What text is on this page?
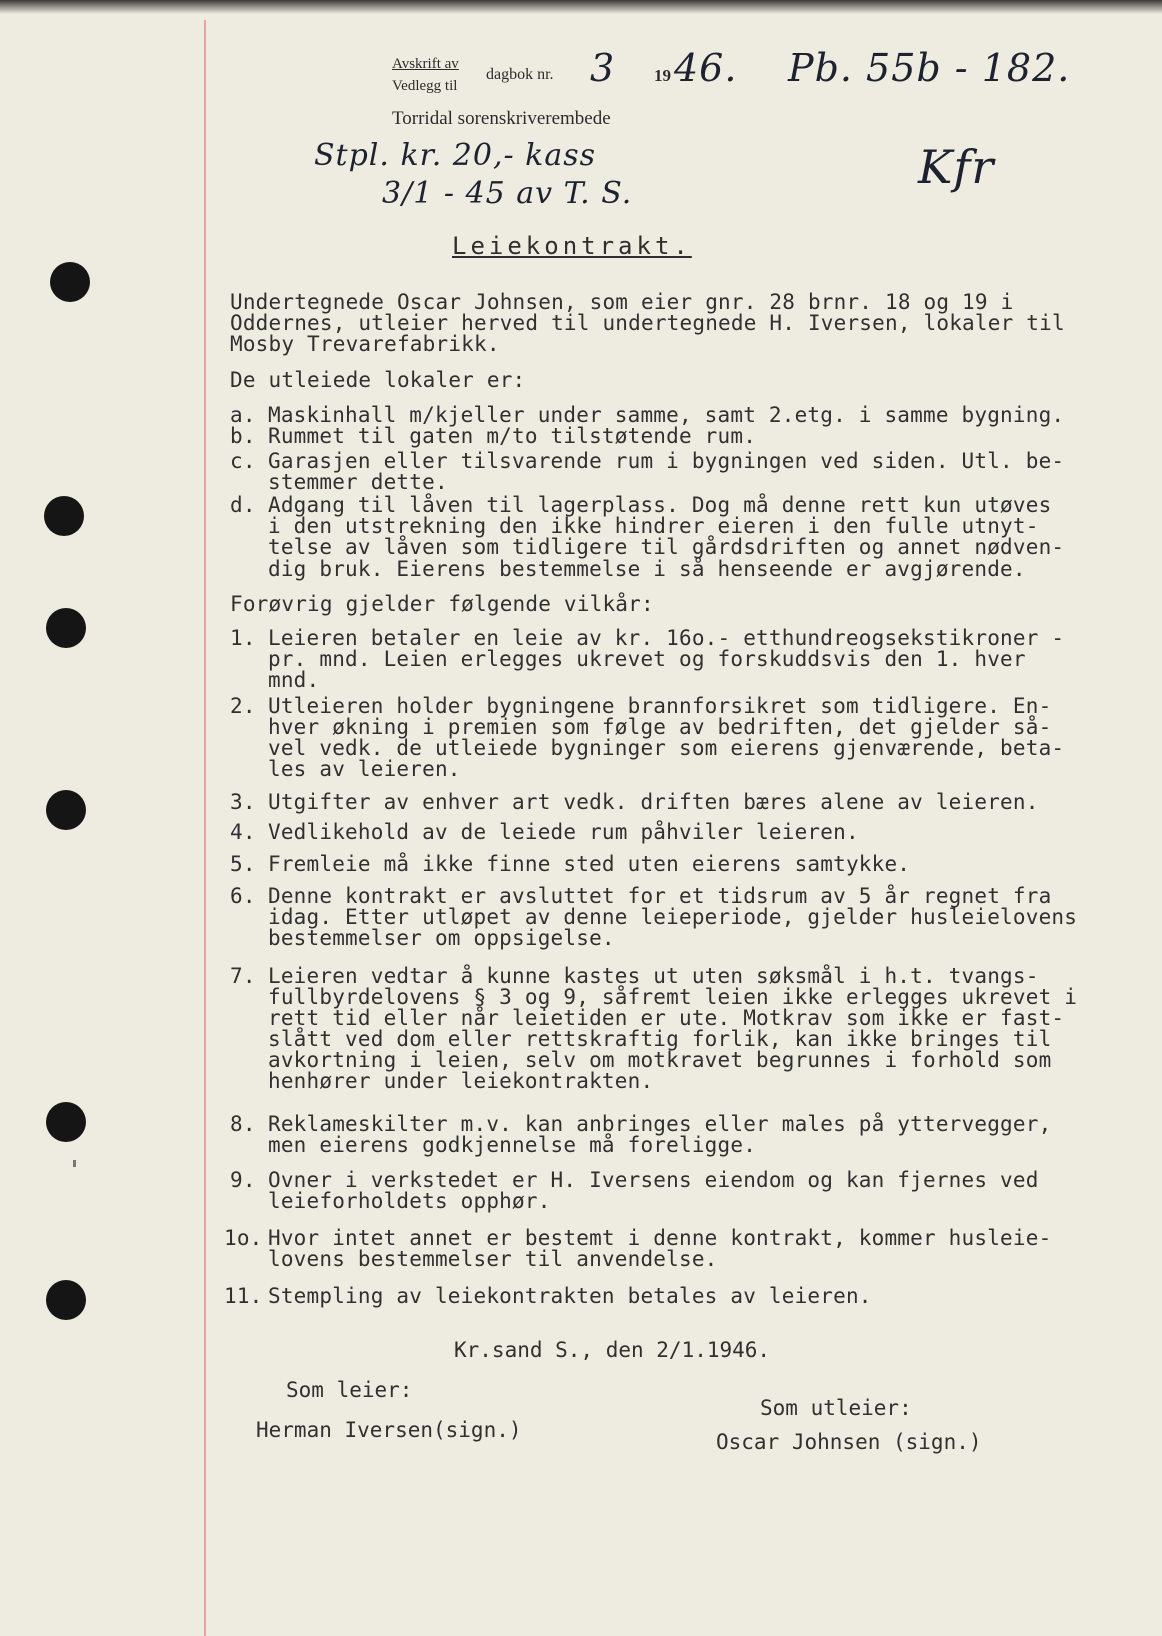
Avskrift av
Vedlegg til
dagbok nr. 3 19 46. Pb. 55b - 182.
Torridal sorenskriverembede
Stpl. kr. 20,- kass
3/1 - 45 av T. S.	Kfr
Leiekontrakt.
Undertegnede Oscar Johnsen, som eier gnr. 28 brnr. 18 og 19 i
Oddernes, utleier herved til undertegnede H. Iversen, lokaler til
Mosby Trevarefabrikk.
De utleiede lokaler er:
a. Maskinhall m/kjeller under samme, samt 2.etg. i samme bygning.
b. Rummet til gaten m/to tilstøtende rum.
c. Garasjen eller tilsvarende rum i bygningen ved siden. Utl. be-
stemmer dette.
d. Adgang til låven til lagerplass. Dog må denne rett kun utøves
i den utstrekning den ikke hindrer eieren i den fulle utnyt-
telse av låven som tidligere til gårdsdriften og annet nødven-
dig bruk. Eierens bestemmelse i så henseende er avgjørende.
Forøvrig gjelder følgende vilkår:
1. Leieren betaler en leie av kr. 16o.- etthundreogsekstikroner -
pr. mnd. Leien erlegges ukrevet og forskuddsvis den 1. hver
mnd.
2. Utleieren holder bygningene brannforsikret som tidligere. En-
hver økning i premien som følge av bedriften, det gjelder så-
vel vedk. de utleiede bygninger som eierens gjenværende, beta-
les av leieren.
3. Utgifter av enhver art vedk. driften bæres alene av leieren.
4. Vedlikehold av de leiede rum påhviler leieren.
5. Fremleie må ikke finne sted uten eierens samtykke.
6. Denne kontrakt er avsluttet for et tidsrum av 5 år regnet fra
idag. Etter utløpet av denne leieperiode, gjelder husleielovens
bestemmelser om oppsigelse.
7. Leieren vedtar å kunne kastes ut uten søksmål i h.t. tvangs-
fullbyrdelovens § 3 og 9, såfremt leien ikke erlegges ukrevet i
rett tid eller når leietiden er ute. Motkrav som ikke er fast-
slått ved dom eller rettskraftig forlik, kan ikke bringes til
avkortning i leien, selv om motkravet begrunnes i forhold som
henhører under leiekontrakten.
8. Reklameskilter m.v. kan anbringes eller males på yttervegger,
men eierens godkjennelse må foreligge.
9. Ovner i verkstedet er H. Iversens eiendom og kan fjernes ved
leieforholdets opphør.
1o. Hvor intet annet er bestemt i denne kontrakt, kommer husleie-
lovens bestemmelser til anvendelse.
11. Stempling av leiekontrakten betales av leieren.
Kr.sand S., den 2/1.1946.
Som leier:
Herman Iversen(sign.)
Som utleier:
Oscar Johnsen (sign.)
